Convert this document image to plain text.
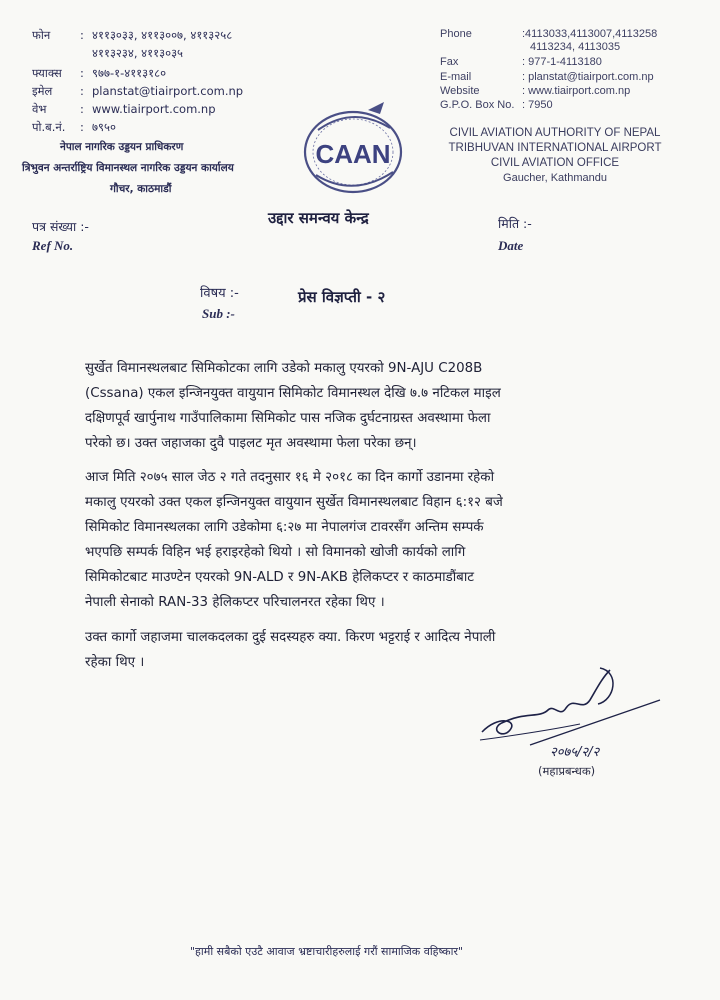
फोन	: ४११३०३३, ४११३००७, ४११३२५८
४११३२३४, ४११३०३५
फ्याक्स : ९७७-१-४११३१८०
इमेल : planstat@tiairport.com.np
वेभ	: www.tiairport.com.np
पो.ब.नं. : ७९५०
नेपाल नागरिक उड्डयन प्राधिकरण
त्रिभुवन अन्तर्राष्ट्रिय विमानस्थल नागरिक उड्डयन कार्यालय
गौचर, काठमाडौं
CAAN
Phone	:4113033,4113007,4113258
4113234, 4113035
Fax	: 977-1-4113180
E-mail	: planstat@tiairport.com.np
Website	: www.tiairport.com.np
G.P.O. Box No. : 7950
CIVIL AVIATION AUTHORITY OF NEPAL
TRIBHUVAN INTERNATIONAL AIRPORT
CIVIL AVIATION OFFICE
Gaucher, Kathmandu
उद्दार समन्वय केन्द्र
पत्र संख्या :-
Ref No.
मिति :-
Date
विषय :-
Sub :-
प्रेस विज्ञप्ती - २
सुर्खेत विमानस्थलबाट सिमिकोटका लागि उडेको मकालु एयरको 9N-AJU C208B
(Cssana) एकल इन्जिनयुक्त वायुयान सिमिकोट विमानस्थल देखि ७.७ नटिकल माइल
दक्षिणपूर्व खार्पुनाथ गाउँपालिकामा सिमिकोट पास नजिक दुर्घटनाग्रस्त अवस्थामा फेला
परेको छ। उक्त जहाजका दुवै पाइलट मृत अवस्थामा फेला परेका छन्।
आज मिति २०७५ साल जेठ २ गते तदनुसार १६ मे २०१८ का दिन कार्गो उडानमा रहेको
मकालु एयरको उक्त एकल इन्जिनयुक्त वायुयान सुर्खेत विमानस्थलबाट विहान ६:१२ बजे
सिमिकोट विमानस्थलका लागि उडेकोमा ६:२७ मा नेपालगंज टावरसँग अन्तिम सम्पर्क
भएपछि सम्पर्क विहिन भई हराइरहेको थियो । सो विमानको खोजी कार्यको लागि
सिमिकोटबाट माउण्टेन एयरको 9N-ALD र 9N-AKB हेलिकप्टर र काठमाडौंबाट
नेपाली सेनाको RAN-33 हेलिकप्टर परिचालनरत रहेका थिए ।
उक्त कार्गो जहाजमा चालकदलका दुई सदस्यहरु क्या. किरण भट्टराई र आदित्य नेपाली
रहेका थिए ।
२०७५/२/२
(महाप्रबन्धक)
"हामी सबैको एउटै आवाज भ्रष्टाचारीहरुलाई गरौं सामाजिक वहिष्कार"
